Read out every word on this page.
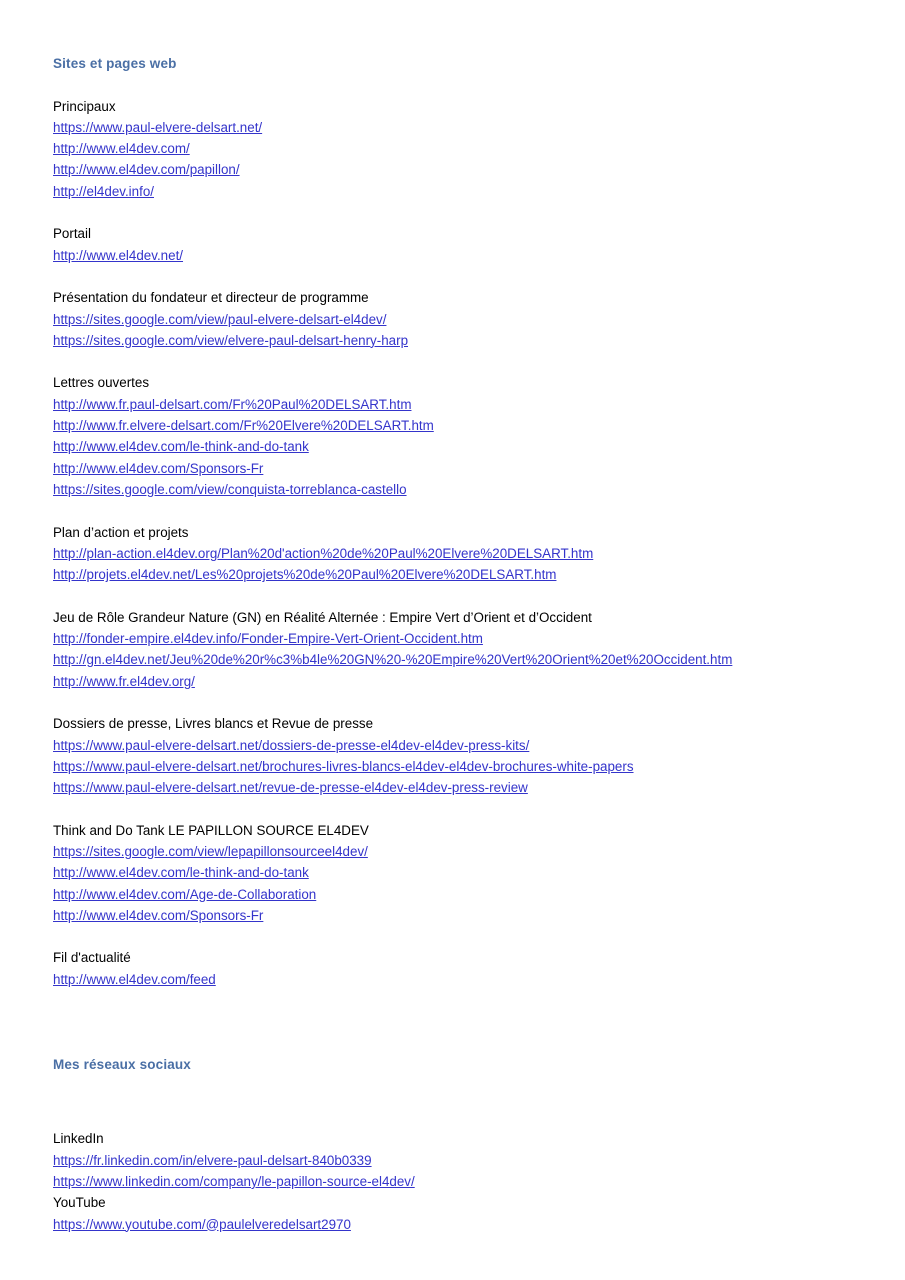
Sites et pages web
Principaux
https://www.paul-elvere-delsart.net/
http://www.el4dev.com/
http://www.el4dev.com/papillon/
http://el4dev.info/
Portail
http://www.el4dev.net/
Présentation du fondateur et directeur de programme
https://sites.google.com/view/paul-elvere-delsart-el4dev/
https://sites.google.com/view/elvere-paul-delsart-henry-harp
Lettres ouvertes
http://www.fr.paul-delsart.com/Fr%20Paul%20DELSART.htm
http://www.fr.elvere-delsart.com/Fr%20Elvere%20DELSART.htm
http://www.el4dev.com/le-think-and-do-tank
http://www.el4dev.com/Sponsors-Fr
https://sites.google.com/view/conquista-torreblanca-castello
Plan d’action et projets
http://plan-action.el4dev.org/Plan%20d'action%20de%20Paul%20Elvere%20DELSART.htm
http://projets.el4dev.net/Les%20projets%20de%20Paul%20Elvere%20DELSART.htm
Jeu de Rôle Grandeur Nature (GN) en Réalité Alternée : Empire Vert d’Orient et d’Occident
http://fonder-empire.el4dev.info/Fonder-Empire-Vert-Orient-Occident.htm
http://gn.el4dev.net/Jeu%20de%20r%c3%b4le%20GN%20-%20Empire%20Vert%20Orient%20et%20Occident.htm
http://www.fr.el4dev.org/
Dossiers de presse, Livres blancs et Revue de presse
https://www.paul-elvere-delsart.net/dossiers-de-presse-el4dev-el4dev-press-kits/
https://www.paul-elvere-delsart.net/brochures-livres-blancs-el4dev-el4dev-brochures-white-papers
https://www.paul-elvere-delsart.net/revue-de-presse-el4dev-el4dev-press-review
Think and Do Tank LE PAPILLON SOURCE EL4DEV
https://sites.google.com/view/lepapillonsourceel4dev/
http://www.el4dev.com/le-think-and-do-tank
http://www.el4dev.com/Age-de-Collaboration
http://www.el4dev.com/Sponsors-Fr
Fil d'actualité
http://www.el4dev.com/feed
Mes réseaux sociaux
LinkedIn
https://fr.linkedin.com/in/elvere-paul-delsart-840b0339
https://www.linkedin.com/company/le-papillon-source-el4dev/
YouTube
https://www.youtube.com/@paulelveredelsart2970
